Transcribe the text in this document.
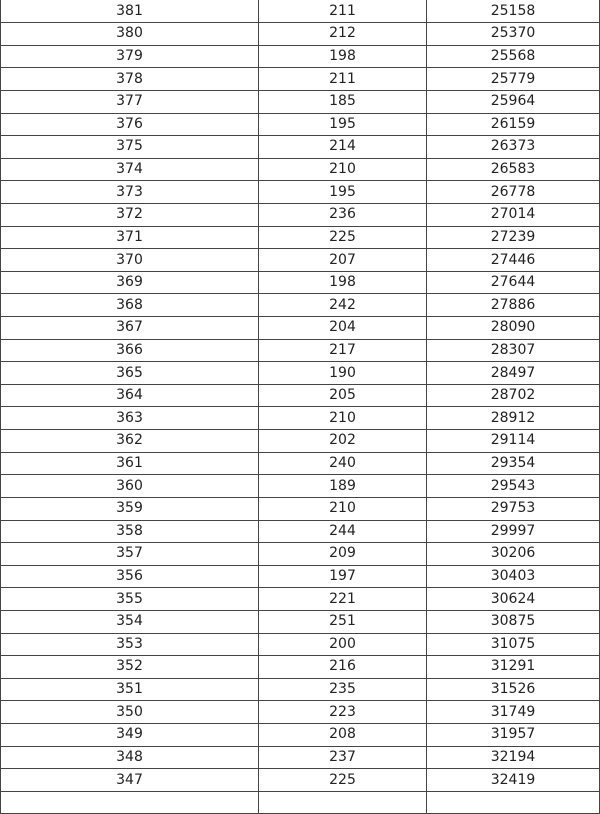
381	211	25158
380	212	25370
379	198	25568
378	211	25779
377	185	25964
376	195	26159
375	214	26373
374	210	26583
373	195	26778
372	236	27014
371	225	27239
370	207	27446
369	198	27644
368	242	27886
367	204	28090
366	217	28307
365	190	28497
364	205	28702
363	210	28912
362	202	29114
361	240	29354
360	189	29543
359	210	29753
358	244	29997
357	209	30206
356	197	30403
355	221	30624
354	251	30875
353	200	31075
352	216	31291
351	235	31526
350	223	31749
349	208	31957
348	237	32194
347	225	32419
